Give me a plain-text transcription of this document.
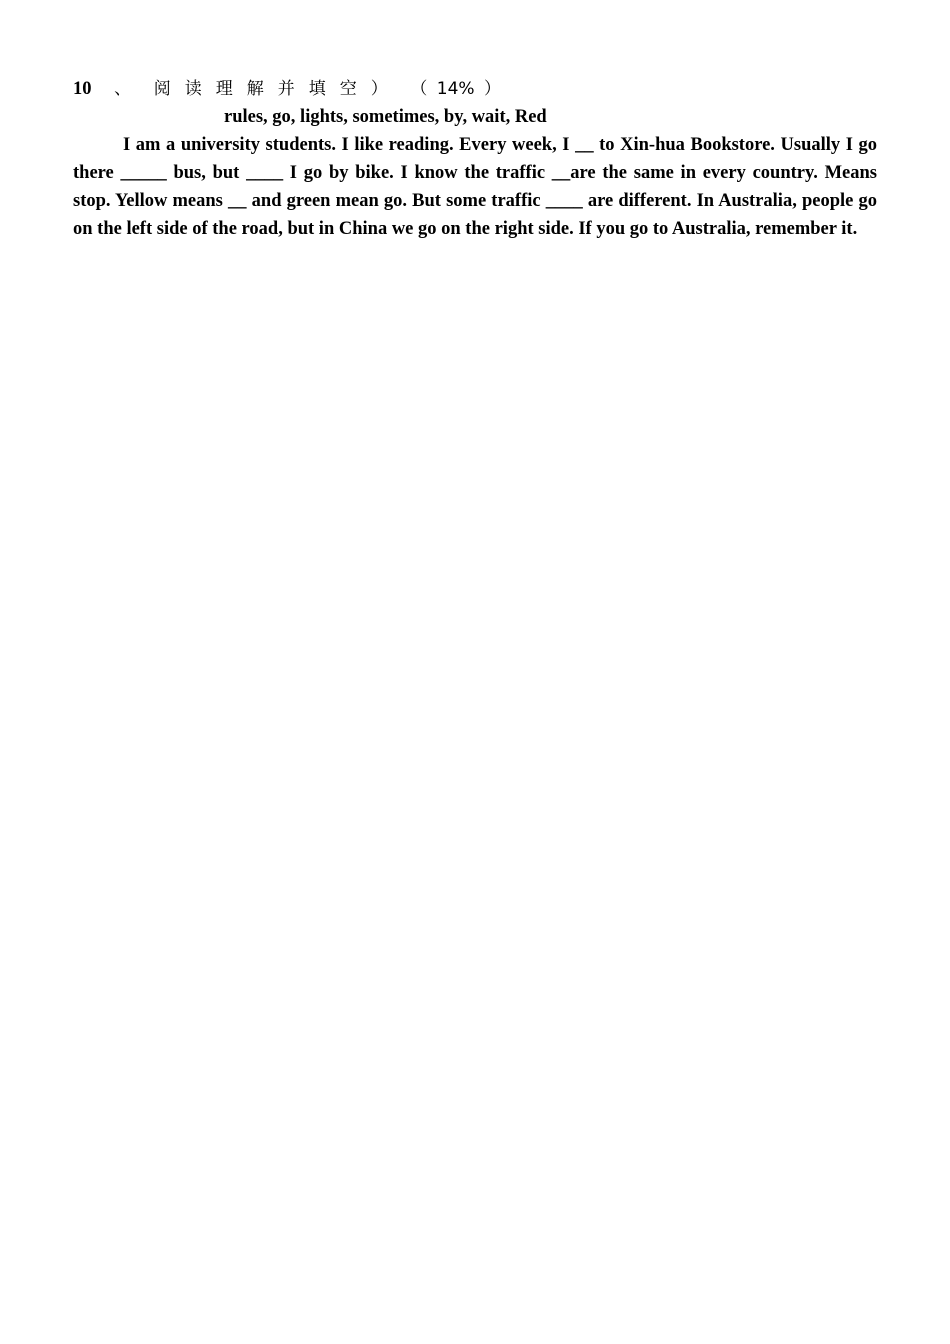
10 、 阅读理解并填空） （ 14% ）
rules, go, lights, sometimes, by, wait, Red

I am a university students. I like reading. Every week, I __ to Xin-hua Bookstore. Usually I go there _____ bus, but ____ I go by bike. I know the traffic __are the same in every country. Means stop. Yellow means __ and green mean go. But some traffic ____ are different. In Australia, people go on the left side of the road, but in China we go on the right side. If you go to Australia, remember it.
